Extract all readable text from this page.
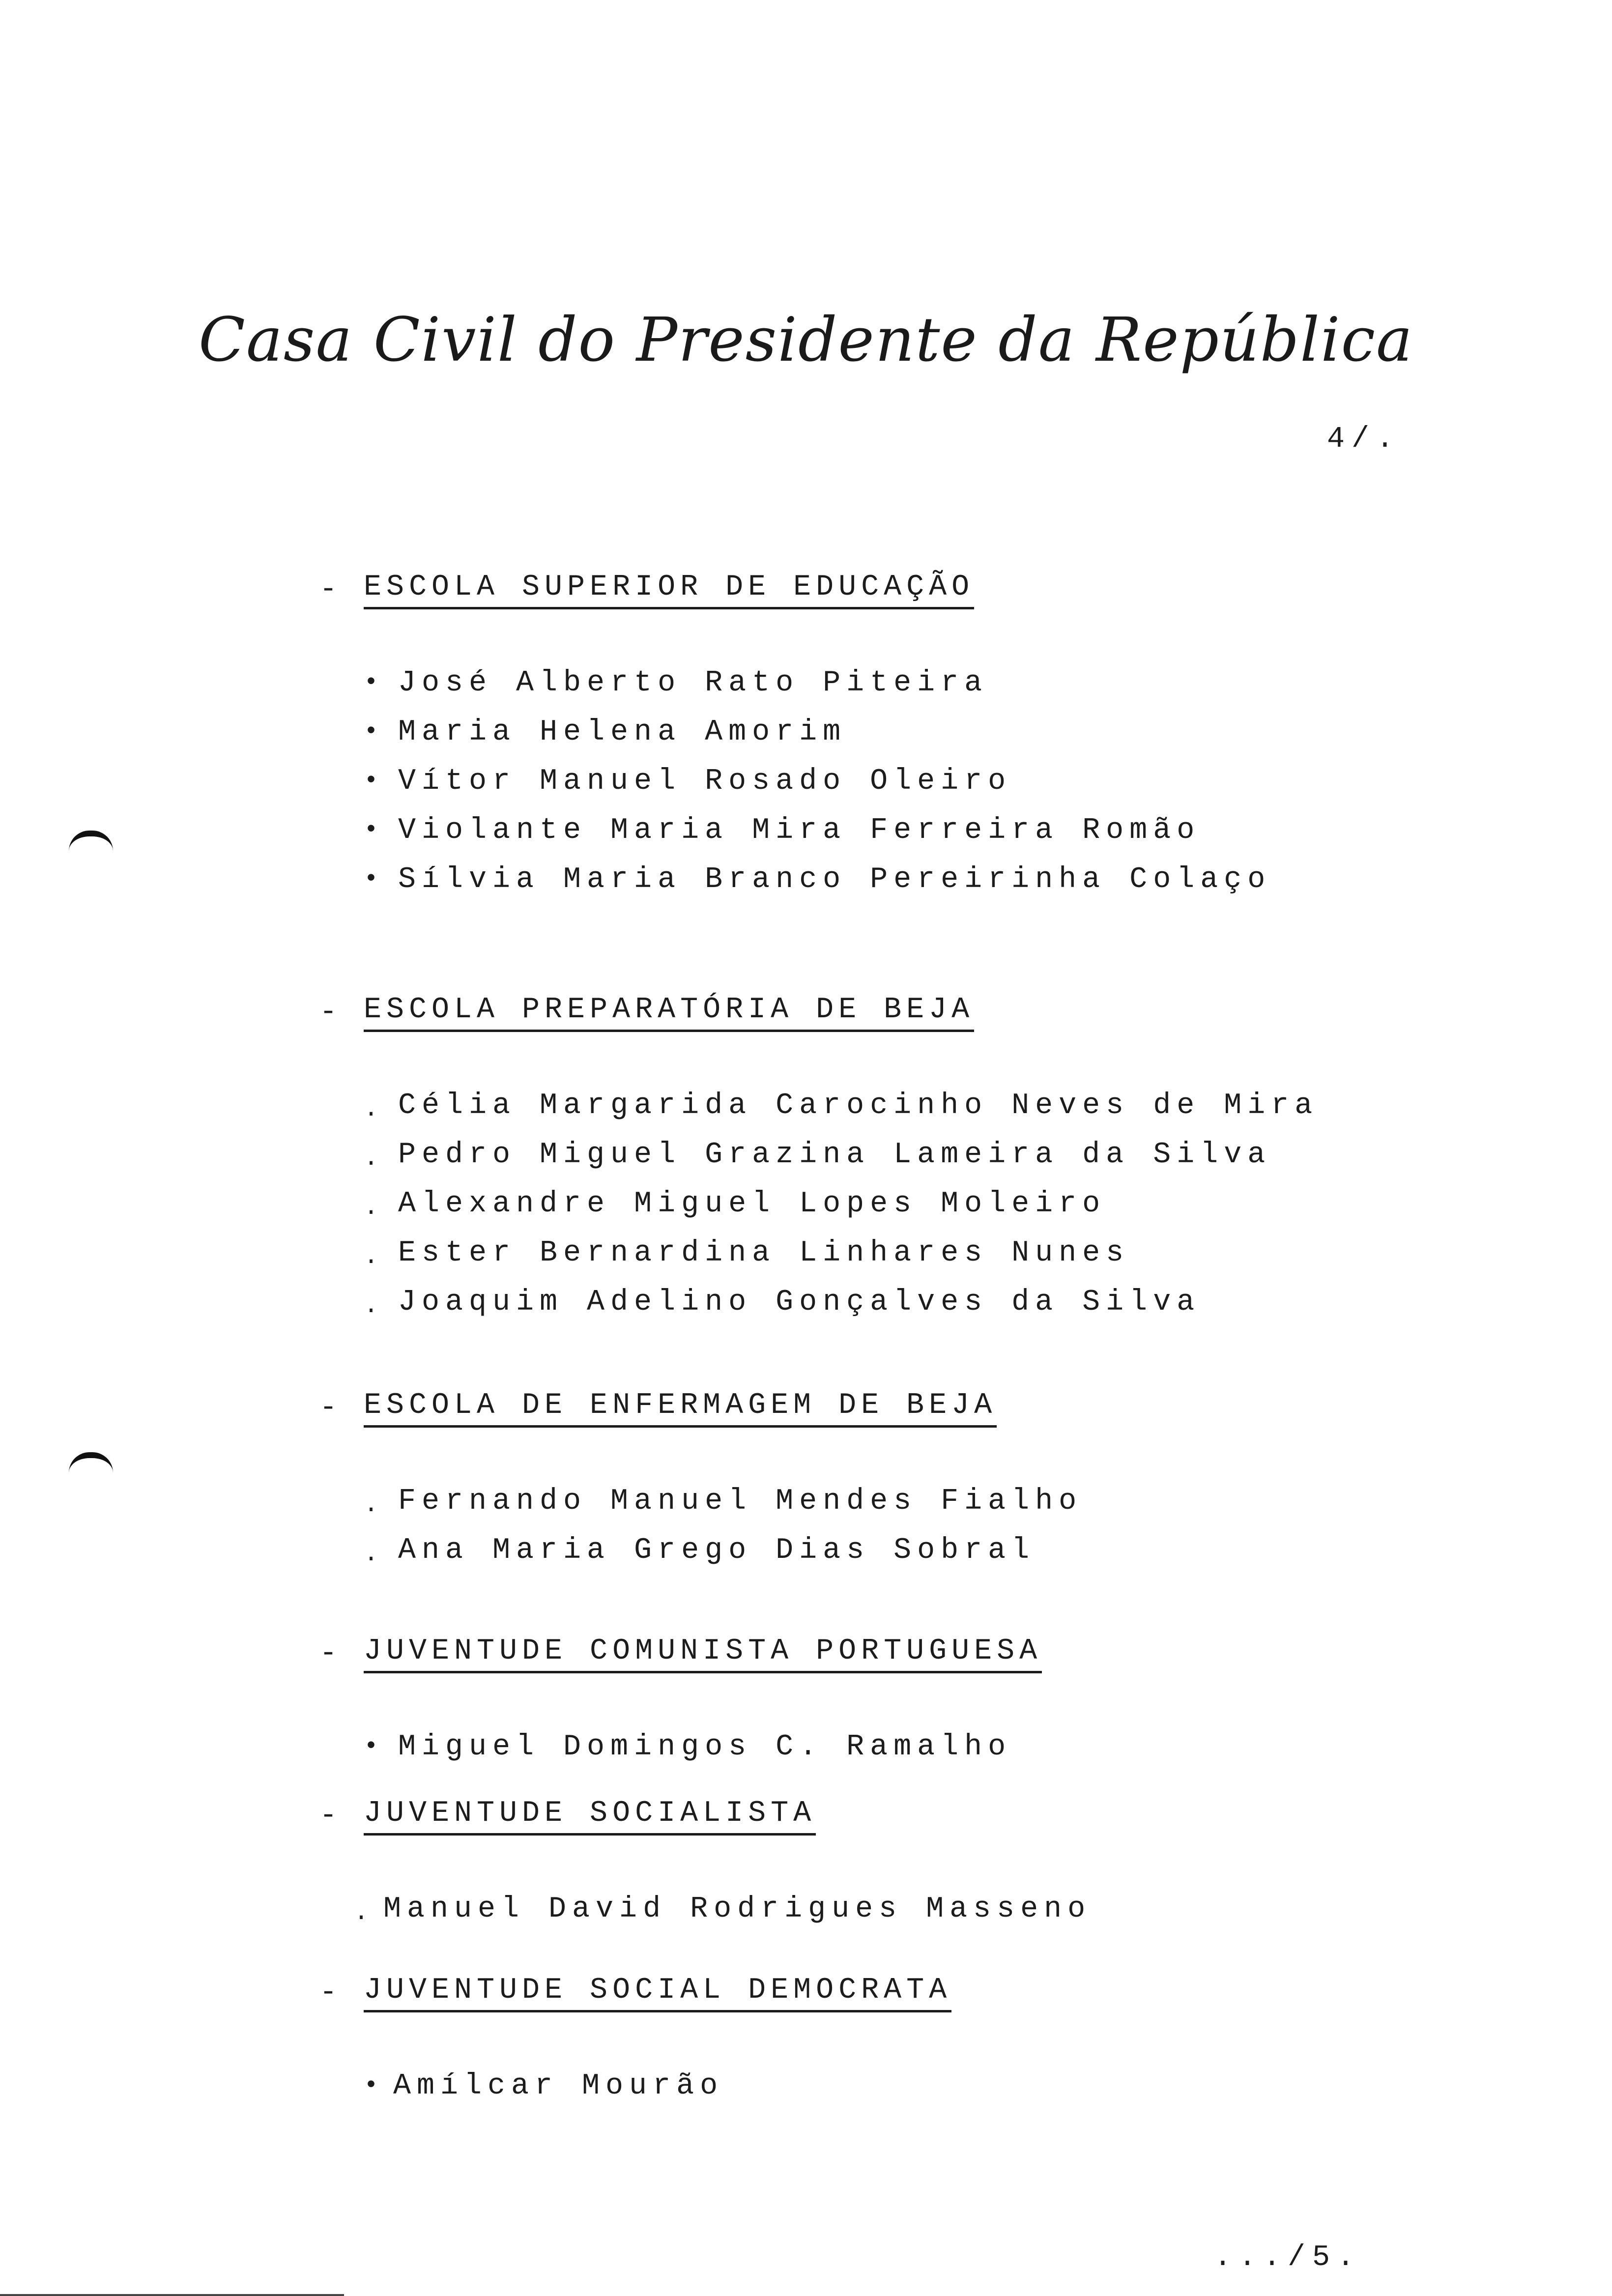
Casa Civil do Presidente da República
4/.
- ESCOLA SUPERIOR DE EDUCAÇÃO
• José Alberto Rato Piteira
• Maria Helena Amorim
• Vítor Manuel Rosado Oleiro
• Violante Maria Mira Ferreira Romão
• Sílvia Maria Branco Pereirinha Colaço
- ESCOLA PREPARATÓRIA DE BEJA
. Célia Margarida Carocinho Neves de Mira
. Pedro Miguel Grazina Lameira da Silva
. Alexandre Miguel Lopes Moleiro
. Ester Bernardina Linhares Nunes
. Joaquim Adelino Gonçalves da Silva
- ESCOLA DE ENFERMAGEM DE BEJA
. Fernando Manuel Mendes Fialho
. Ana Maria Grego Dias Sobral
- JUVENTUDE COMUNISTA PORTUGUESA
• Miguel Domingos C. Ramalho
- JUVENTUDE SOCIALISTA
. Manuel David Rodrigues Masseno
- JUVENTUDE SOCIAL DEMOCRATA
• Amílcar Mourão
.../5.
